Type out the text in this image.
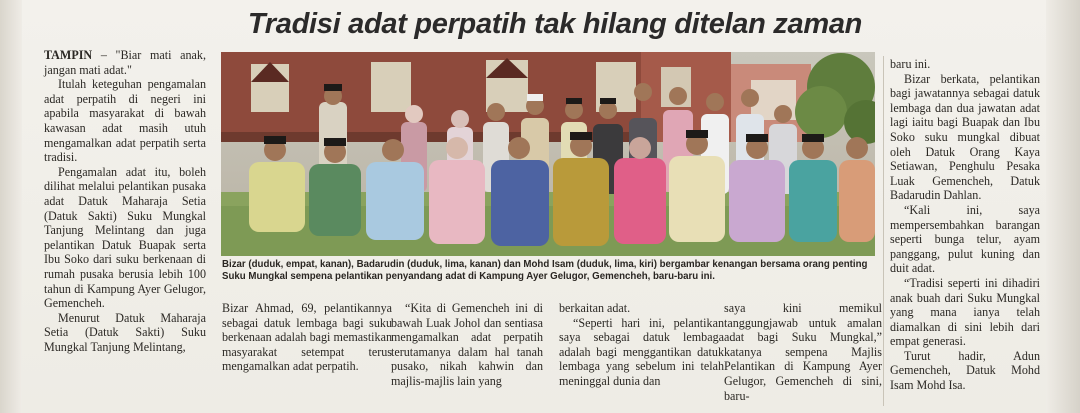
Tradisi adat perpatih tak hilang ditelan zaman

TAMPIN – "Biar mati anak, jangan mati adat."

Itulah keteguhan pengamalan adat perpatih di negeri ini apabila masyarakat di bawah kawasan adat masih utuh mengamalkan adat perpatih serta tradisi.

Pengamalan adat itu, boleh dilihat melalui pelantikan pusaka adat Datuk Maharaja Setia (Datuk Sakti) Suku Mungkal Tanjung Melintang dan juga pelantikan Datuk Buapak serta Ibu Soko dari suku berkenaan di rumah pusaka berusia lebih 100 tahun di Kampung Ayer Gelugor, Gemencheh.

Menurut Datuk Maharaja Setia (Datuk Sakti) Suku Mungkal Tanjung Melintang,

Bizar (duduk, empat, kanan), Badarudin (duduk, lima, kanan) dan Mohd Isam (duduk, lima, kiri) bergambar kenangan bersama orang penting Suku Mungkal sempena pelantikan penyandang adat di Kampung Ayer Gelugor, Gemencheh, baru-baru ini.

Bizar Ahmad, 69, pelantikannya sebagai datuk lembaga bagi suku berkenaan adalah bagi memastikan masyarakat setempat terus mengamalkan adat perpatih.

“Kita di Gemencheh ini di bawah Luak Johol dan sentiasa mengamalkan adat perpatih terutamanya dalam hal tanah pusako, nikah kahwin dan majlis-majlis lain yang

berkaitan adat.

“Seperti hari ini, pelantikan saya sebagai datuk lembaga adalah bagi menggantikan datuk lembaga yang sebelum ini telah meninggal dunia dan

saya kini memikul tanggungjawab untuk amalan adat bagi Suku Mungkal,” katanya sempena Majlis Pelantikan di Kampung Ayer Gelugor, Gemencheh di sini, baru-

baru ini.

Bizar berkata, pelantikan bagi jawatannya sebagai datuk lembaga dan dua jawatan adat lagi iaitu bagi Buapak dan Ibu Soko suku mungkal dibuat oleh Datuk Orang Kaya Setiawan, Penghulu Pesaka Luak Gemencheh, Datuk Badarudin Dahlan.

“Kali ini, saya mempersembahkan barangan seperti bunga telur, ayam panggang, pulut kuning dan duit adat.

“Tradisi seperti ini dihadiri anak buah dari Suku Mungkal yang mana ianya telah diamalkan di sini lebih dari empat generasi.

Turut hadir, Adun Gemencheh, Datuk Mohd Isam Mohd Isa.
